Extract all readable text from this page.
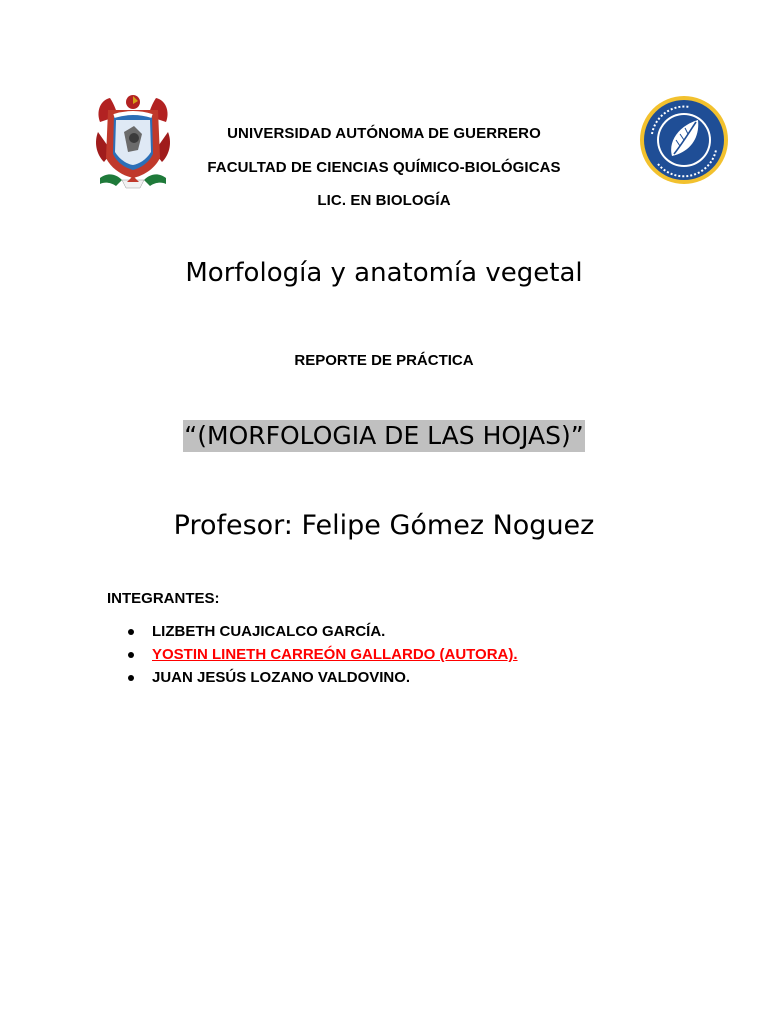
UNIVERSIDAD AUTÓNOMA DE GUERRERO
FACULTAD DE CIENCIAS QUÍMICO-BIOLÓGICAS
LIC. EN BIOLOGÍA
Morfología y anatomía vegetal
REPORTE DE PRÁCTICA
“(MORFOLOGIA DE LAS HOJAS)”
Profesor: Felipe Gómez Noguez
INTEGRANTES:
LIZBETH CUAJICALCO GARCÍA.
YOSTIN LINETH CARREÓN GALLARDO (AUTORA).
JUAN JESÚS LOZANO VALDOVINO.
